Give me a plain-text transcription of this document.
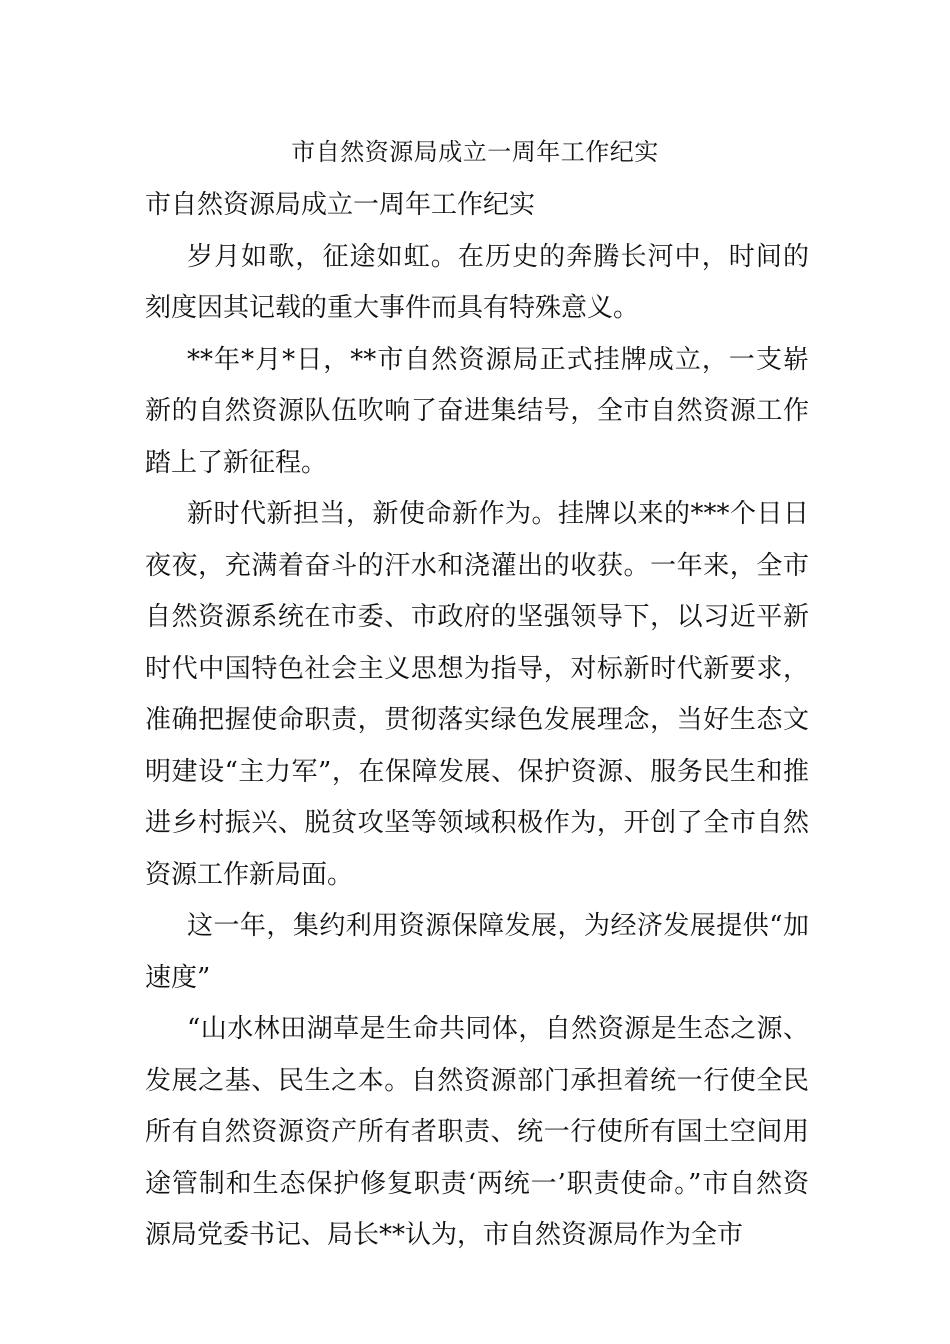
市自然资源局成立一周年工作纪实

市自然资源局成立一周年工作纪实

岁月如歌，征途如虹。在历史的奔腾长河中，时间的刻度因其记载的重大事件而具有特殊意义。

**年*月*日，**市自然资源局正式挂牌成立，一支崭新的自然资源队伍吹响了奋进集结号，全市自然资源工作踏上了新征程。

新时代新担当，新使命新作为。挂牌以来的***个日日夜夜，充满着奋斗的汗水和浇灌出的收获。一年来，全市自然资源系统在市委、市政府的坚强领导下，以习近平新时代中国特色社会主义思想为指导，对标新时代新要求，准确把握使命职责，贯彻落实绿色发展理念，当好生态文明建设“主力军”，在保障发展、保护资源、服务民生和推进乡村振兴、脱贫攻坚等领域积极作为，开创了全市自然资源工作新局面。

这一年，集约利用资源保障发展，为经济发展提供“加速度”

“山水林田湖草是生命共同体，自然资源是生态之源、发展之基、民生之本。自然资源部门承担着统一行使全民所有自然资源资产所有者职责、统一行使所有国土空间用途管制和生态保护修复职责‘两统一’职责使命。”市自然资源局党委书记、局长**认为，市自然资源局作为全市
